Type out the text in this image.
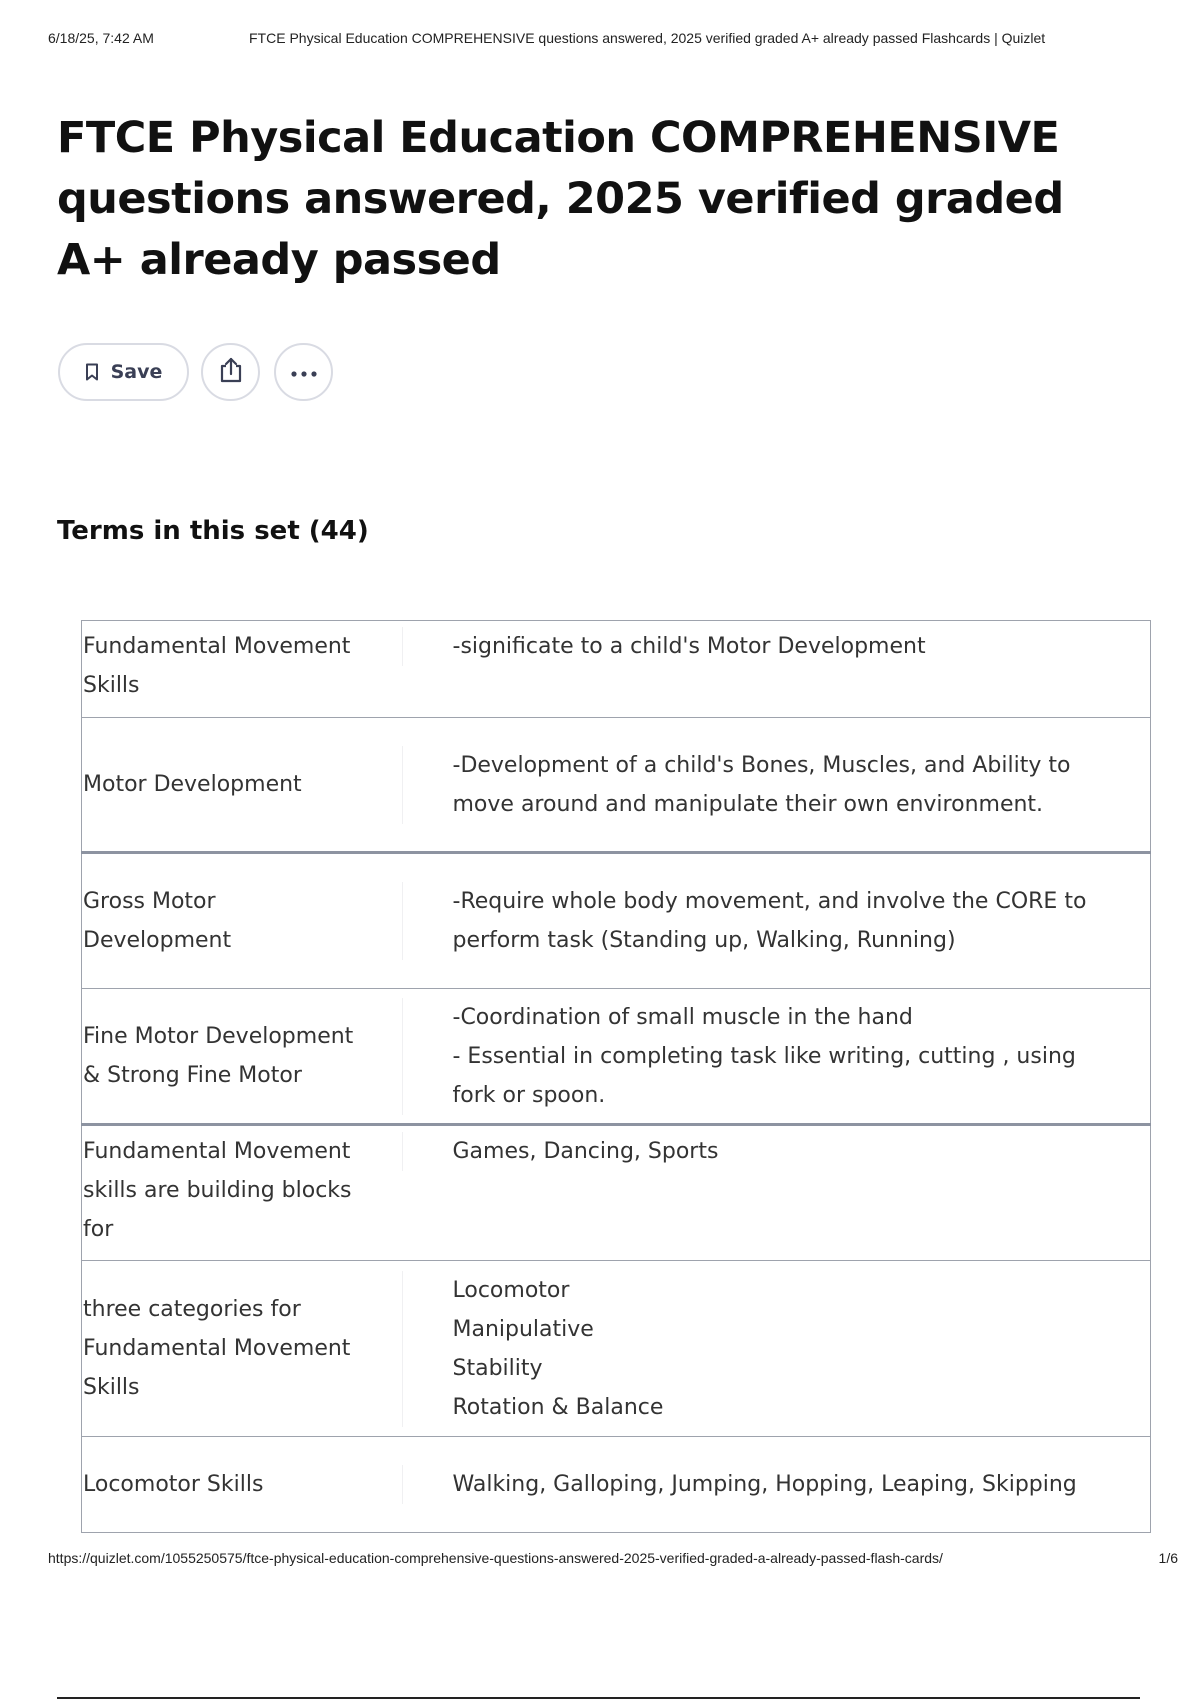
6/18/25, 7:42 AM	FTCE Physical Education COMPREHENSIVE questions answered, 2025 verified graded A+ already passed Flashcards | Quizlet
FTCE Physical Education COMPREHENSIVE questions answered, 2025 verified graded A+ already passed
Save
Terms in this set (44)
Fundamental Movement Skills	-significate to a child's Motor Development

Motor Development	-Development of a child's Bones, Muscles, and Ability to move around and manipulate their own environment.

Gross Motor Development	-Require whole body movement, and involve the CORE to perform task (Standing up, Walking, Running)

Fine Motor Development & Strong Fine Motor	-Coordination of small muscle in the hand
- Essential in completing task like writing, cutting , using fork or spoon.

Fundamental Movement skills are building blocks for	Games, Dancing, Sports

three categories for Fundamental Movement Skills	Locomotor
Manipulative
Stability
Rotation & Balance

Locomotor Skills	Walking, Galloping, Jumping, Hopping, Leaping, Skipping
https://quizlet.com/1055250575/ftce-physical-education-comprehensive-questions-answered-2025-verified-graded-a-already-passed-flash-cards/	1/6
